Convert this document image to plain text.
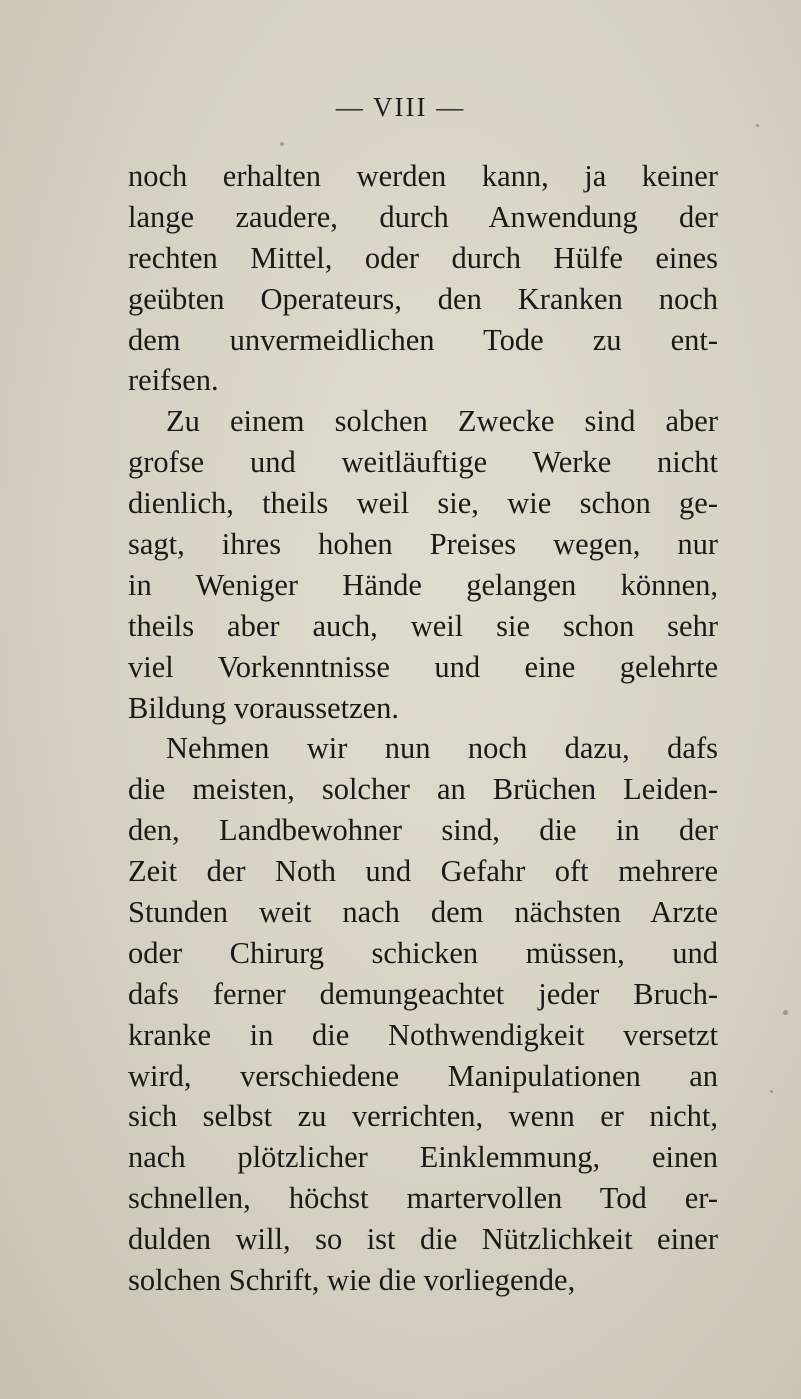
— VIII —
noch erhalten werden kann, ja keiner
lange zaudere, durch Anwendung der
rechten Mittel, oder durch Hülfe eines
geübten Operateurs, den Kranken noch
dem unvermeidlichen Tode zu ent-
reifsen.
Zu einem solchen Zwecke sind aber
grofse und weitläuftige Werke nicht
dienlich, theils weil sie, wie schon ge-
sagt, ihres hohen Preises wegen, nur
in Weniger Hände gelangen können,
theils aber auch, weil sie schon sehr
viel Vorkenntnisse und eine gelehrte
Bildung voraussetzen.
Nehmen wir nun noch dazu, dafs
die meisten, solcher an Brüchen Leiden-
den, Landbewohner sind, die in der
Zeit der Noth und Gefahr oft mehrere
Stunden weit nach dem nächsten Arzte
oder Chirurg schicken müssen, und
dafs ferner demungeachtet jeder Bruch-
kranke in die Nothwendigkeit versetzt
wird, verschiedene Manipulationen an
sich selbst zu verrichten, wenn er nicht,
nach plötzlicher Einklemmung, einen
schnellen, höchst martervollen Tod er-
dulden will, so ist die Nützlichkeit einer
solchen Schrift, wie die vorliegende,
